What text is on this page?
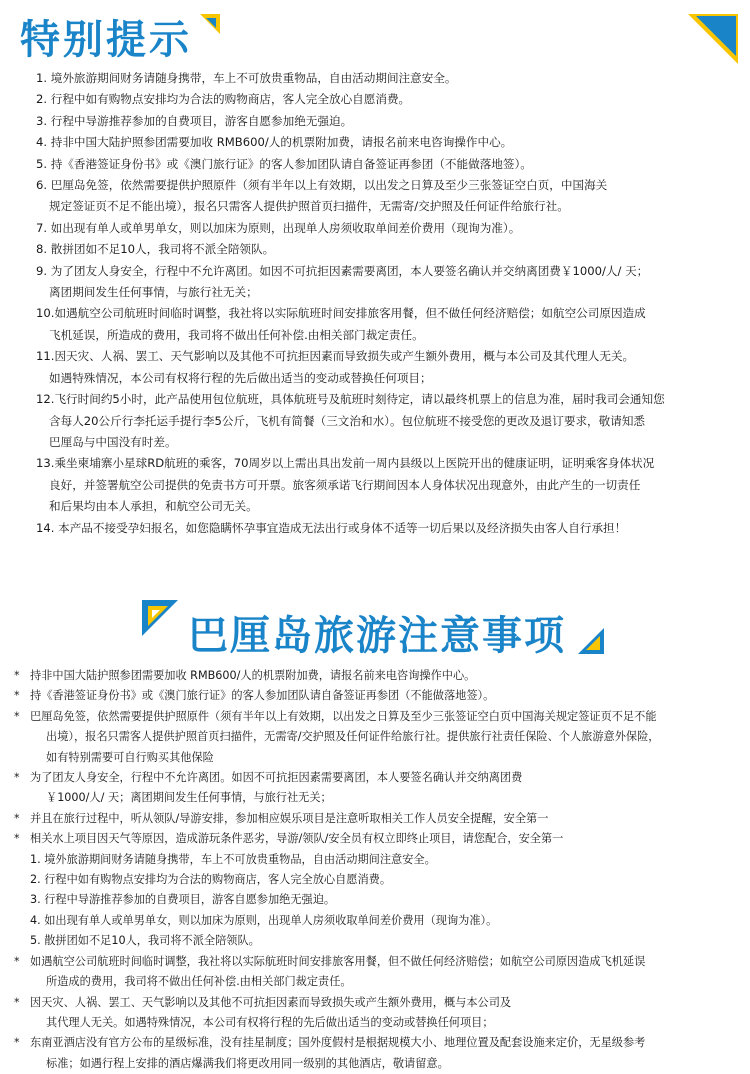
特别提示
1. 境外旅游期间财务请随身携带，车上不可放贵重物品，自由活动期间注意安全。
2. 行程中如有购物点安排均为合法的购物商店，客人完全放心自愿消费。
3. 行程中导游推荐参加的自费项目，游客自愿参加绝无强迫。
4. 持非中国大陆护照参团需要加收 RMB600/人的机票附加费，请报名前来电咨询操作中心。
5. 持《香港签证身份书》或《澳门旅行证》的客人参加团队请自备签证再参团（不能做落地签）。
6. 巴厘岛免签，依然需要提供护照原件（须有半年以上有效期，以出发之日算及至少三张签证空白页，中国海关
规定签证页不足不能出境），报名只需客人提供护照首页扫描件，无需寄/交护照及任何证件给旅行社。
7. 如出现有单人或单男单女，则以加床为原则，出现单人房须收取单间差价费用（现询为准）。
8. 散拼团如不足10人，我司将不派全陪领队。
9. 为了团友人身安全，行程中不允许离团。如因不可抗拒因素需要离团，本人要签名确认并交纳离团费￥1000/人/ 天；
离团期间发生任何事情，与旅行社无关；
10.如遇航空公司航班时间临时调整，我社将以实际航班时间安排旅客用餐，但不做任何经济赔偿；如航空公司原因造成
飞机延误，所造成的费用，我司将不做出任何补偿.由相关部门裁定责任。
11.因天灾、人祸、罢工、天气影响以及其他不可抗拒因素而导致损失或产生额外费用，概与本公司及其代理人无关。
如遇特殊情况，本公司有权将行程的先后做出适当的变动或替换任何项目；
12.飞行时间约5小时，此产品使用包位航班，具体航班号及航班时刻待定，请以最终机票上的信息为准，届时我司会通知您
含每人20公斤行李托运手提行李5公斤，飞机有简餐（三文治和水）。包位航班不接受您的更改及退订要求，敬请知悉
巴厘岛与中国没有时差。
13.乘坐柬埔寨小星球RD航班的乘客，70周岁以上需出具出发前一周内县级以上医院开出的健康证明，证明乘客身体状况
良好，并签署航空公司提供的免责书方可开票。旅客须承诺飞行期间因本人身体状况出现意外，由此产生的一切责任
和后果均由本人承担，和航空公司无关。
14. 本产品不接受孕妇报名，如您隐瞒怀孕事宜造成无法出行或身体不适等一切后果以及经济损失由客人自行承担！
巴厘岛旅游注意事项
* 持非中国大陆护照参团需要加收 RMB600/人的机票附加费，请报名前来电咨询操作中心。
* 持《香港签证身份书》或《澳门旅行证》的客人参加团队请自备签证再参团（不能做落地签）。
* 巴厘岛免签，依然需要提供护照原件（须有半年以上有效期，以出发之日算及至少三张签证空白页中国海关规定签证页不足不能
出境），报名只需客人提供护照首页扫描件，无需寄/交护照及任何证件给旅行社。提供旅行社责任保险、个人旅游意外保险，
如有特别需要可自行购买其他保险
* 为了团友人身安全，行程中不允许离团。如因不可抗拒因素需要离团，本人要签名确认并交纳离团费
￥1000/人/ 天；离团期间发生任何事情，与旅行社无关；
* 并且在旅行过程中，听从领队/导游安排，参加相应娱乐项目是注意听取相关工作人员安全提醒，安全第一
* 相关水上项目因天气等原因，造成游玩条件恶劣，导游/领队/安全员有权立即终止项目，请您配合，安全第一
1. 境外旅游期间财务请随身携带，车上不可放贵重物品，自由活动期间注意安全。
2. 行程中如有购物点安排均为合法的购物商店，客人完全放心自愿消费。
3. 行程中导游推荐参加的自费项目，游客自愿参加绝无强迫。
4. 如出现有单人或单男单女，则以加床为原则，出现单人房须收取单间差价费用（现询为准）。
5. 散拼团如不足10人，我司将不派全陪领队。
* 如遇航空公司航班时间临时调整，我社将以实际航班时间安排旅客用餐，但不做任何经济赔偿；如航空公司原因造成飞机延误
所造成的费用，我司将不做出任何补偿.由相关部门裁定责任。
* 因天灾、人祸、罢工、天气影响以及其他不可抗拒因素而导致损失或产生额外费用，概与本公司及
其代理人无关。如遇特殊情况，本公司有权将行程的先后做出适当的变动或替换任何项目；
* 东南亚酒店没有官方公布的星级标准，没有挂星制度；国外度假村是根据规模大小、地理位置及配套设施来定价，无星级参考
标准；如遇行程上安排的酒店爆满我们将更改用同一级别的其他酒店，敬请留意。
